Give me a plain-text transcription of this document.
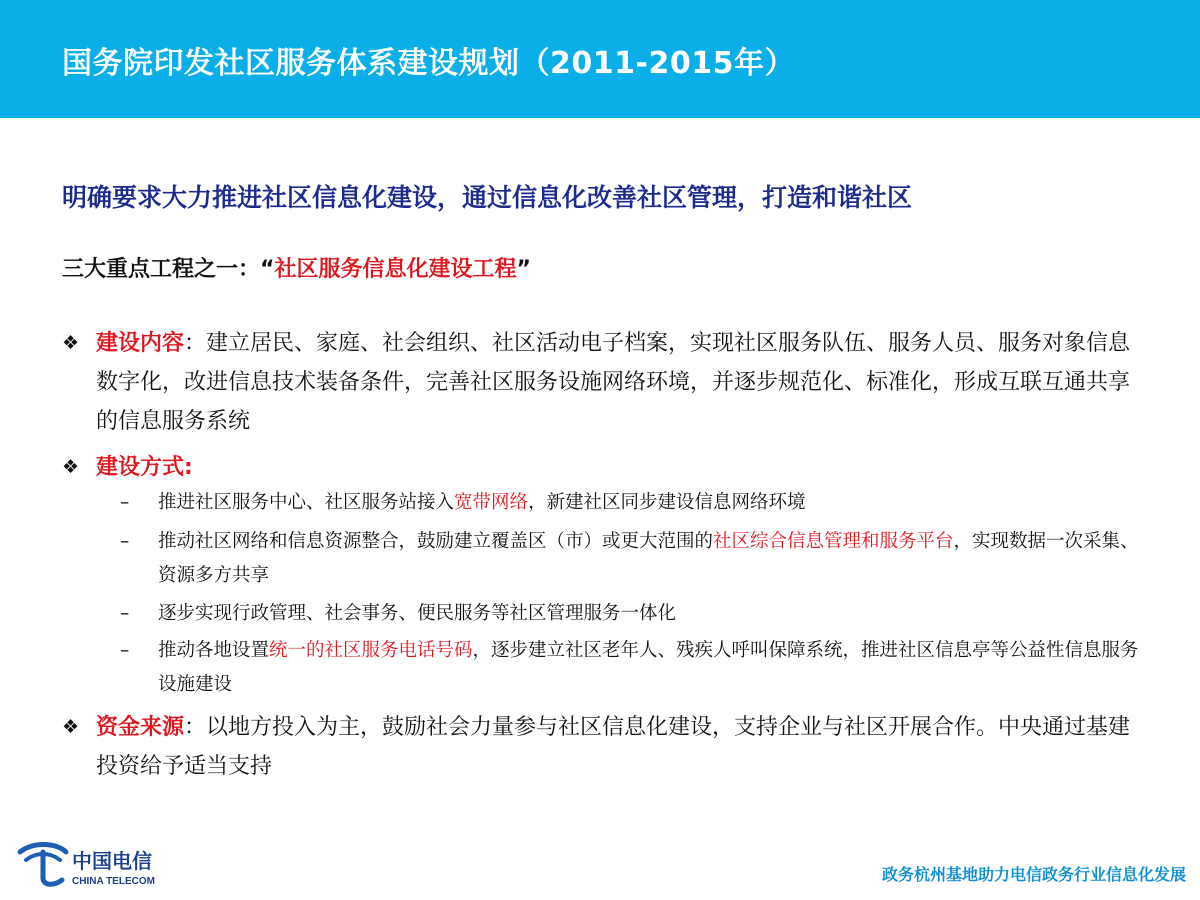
国务院印发社区服务体系建设规划（2011-2015年）
明确要求大力推进社区信息化建设，通过信息化改善社区管理，打造和谐社区
三大重点工程之一：“社区服务信息化建设工程”
❖ 建设内容：建立居民、家庭、社会组织、社区活动电子档案，实现社区服务队伍、服务人员、服务对象信息数字化，改进信息技术装备条件，完善社区服务设施网络环境，并逐步规范化、标准化，形成互联互通共享的信息服务系统
❖ 建设方式:
–	推进社区服务中心、社区服务站接入宽带网络，新建社区同步建设信息网络环境
–	推动社区网络和信息资源整合，鼓励建立覆盖区（市）或更大范围的社区综合信息管理和服务平台，实现数据一次采集、资源多方共享
–	逐步实现行政管理、社会事务、便民服务等社区管理服务一体化
–	推动各地设置统一的社区服务电话号码，逐步建立社区老年人、残疾人呼叫保障系统，推进社区信息亭等公益性信息服务设施建设
❖ 资金来源：以地方投入为主，鼓励社会力量参与社区信息化建设，支持企业与社区开展合作。中央通过基建投资给予适当支持
中国电信
CHINA TELECOM	政务杭州基地助力电信政务行业信息化发展
